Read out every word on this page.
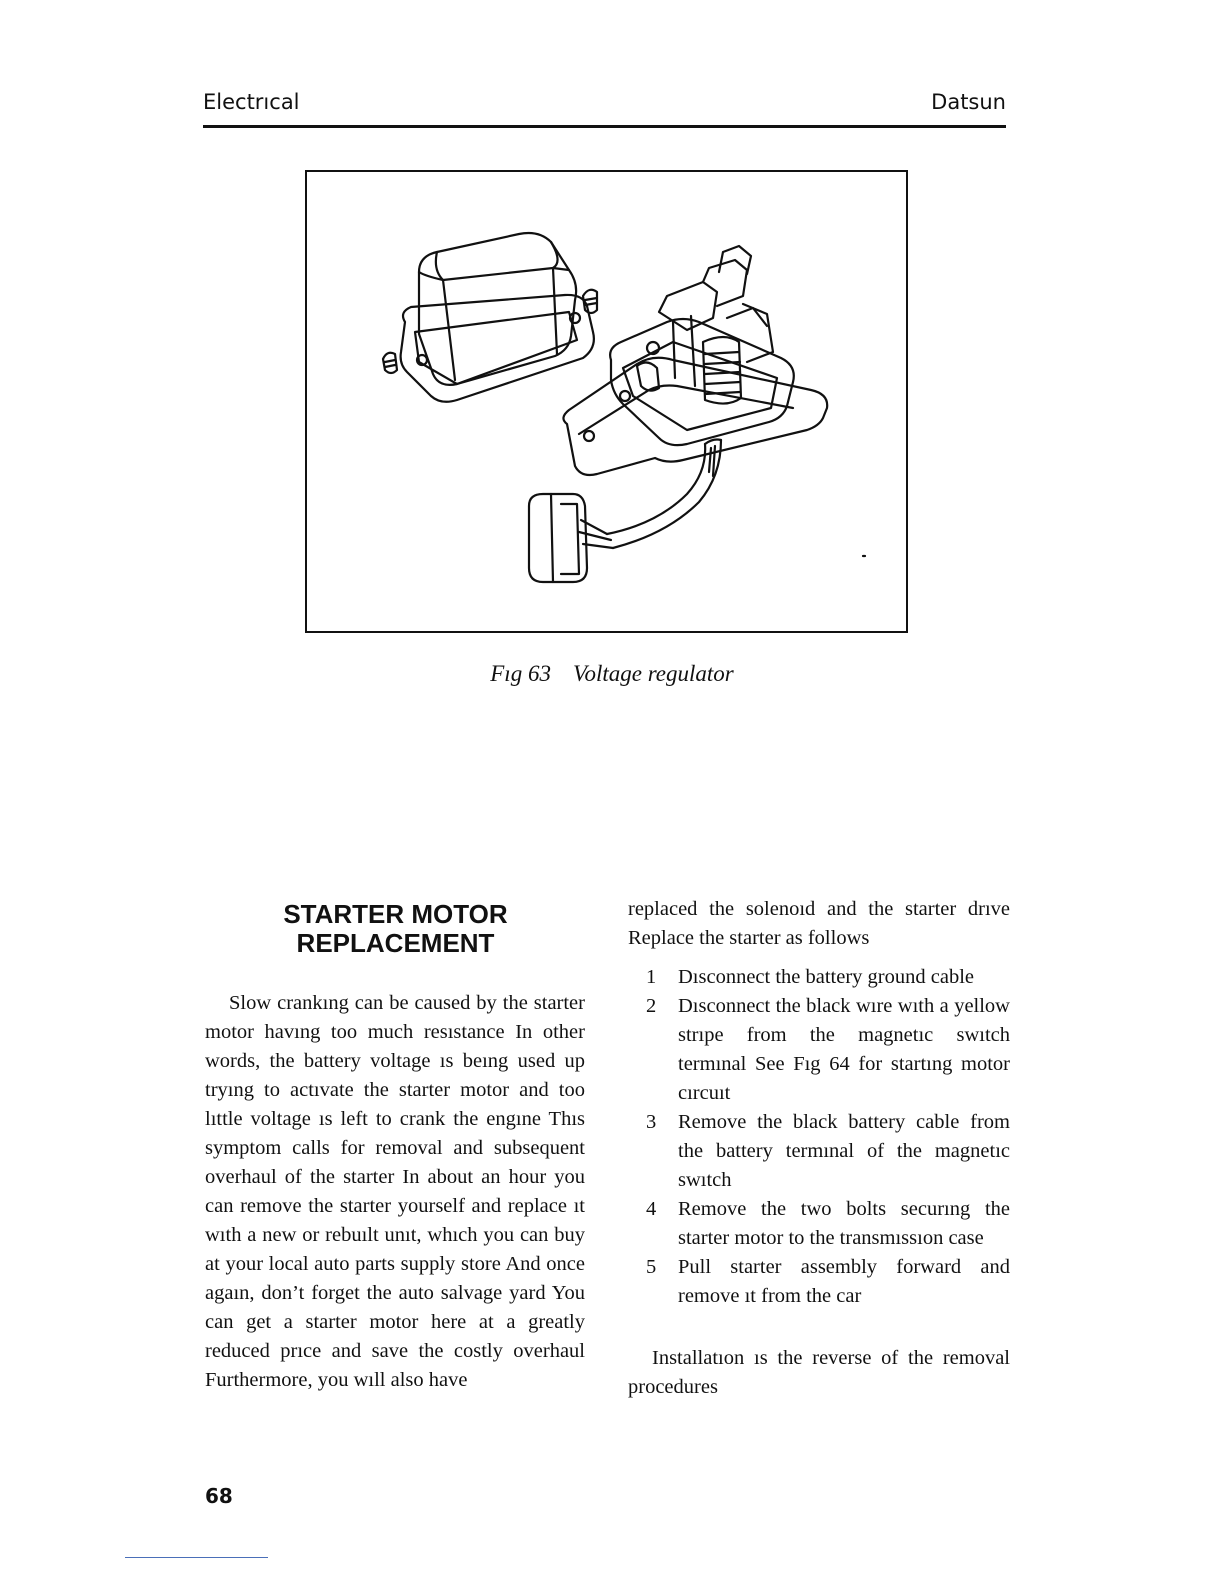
Electrıcal	Datsun
Fıg 63 Voltage regulator
STARTER MOTOR
REPLACEMENT

Slow crankıng can be caused by the starter motor havıng too much resıstance In other words, the battery voltage ıs beıng used up tryıng to actıvate the starter motor and too lıttle voltage ıs left to crank the engıne Thıs symptom calls for removal and subsequent overhaul of the starter In about an hour you can remove the starter yourself and replace ıt wıth a new or rebuılt unıt, whıch you can buy at your local auto parts supply store And once agaın, don’t forget the auto salvage yard You can get a starter motor here at a greatly reduced prıce and save the costly overhaul Furthermore, you wıll also have

replaced the solenoıd and the starter drıve Replace the starter as follows

1 Dısconnect the battery ground cable
2 Dısconnect the black wıre wıth a yellow strıpe from the magnetıc swıtch termınal See Fıg 64 for startıng motor cırcuıt
3 Remove the black battery cable from the battery termınal of the magnetıc swıtch
4 Remove the two bolts securıng the starter motor to the transmıssıon case
5 Pull starter assembly forward and remove ıt from the car

Installatıon ıs the reverse of the removal procedures

68
